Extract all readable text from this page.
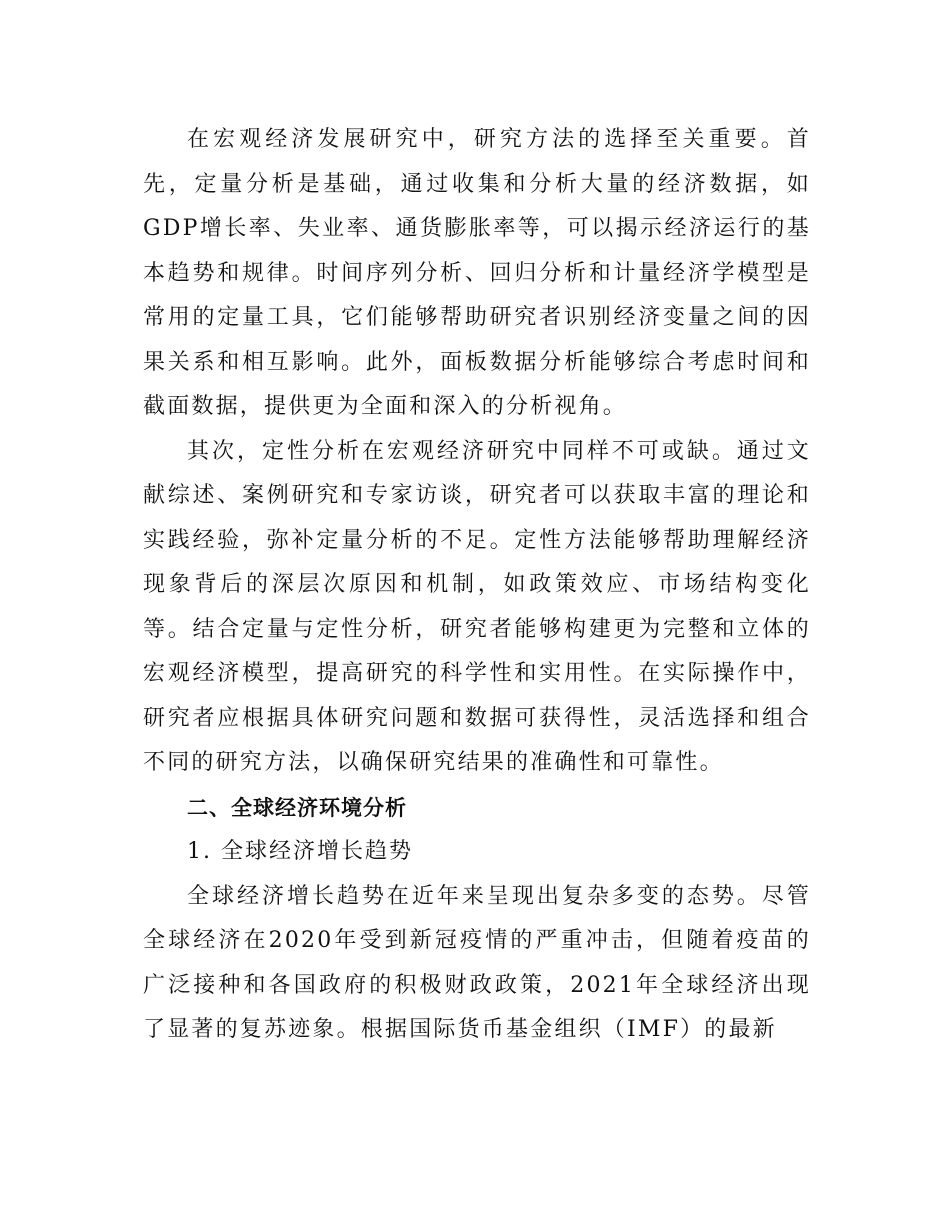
在宏观经济发展研究中，研究方法的选择至关重要。首先，定量分析是基础，通过收集和分析大量的经济数据，如GDP增长率、失业率、通货膨胀率等，可以揭示经济运行的基本趋势和规律。时间序列分析、回归分析和计量经济学模型是常用的定量工具，它们能够帮助研究者识别经济变量之间的因果关系和相互影响。此外，面板数据分析能够综合考虑时间和截面数据，提供更为全面和深入的分析视角。

其次，定性分析在宏观经济研究中同样不可或缺。通过文献综述、案例研究和专家访谈，研究者可以获取丰富的理论和实践经验，弥补定量分析的不足。定性方法能够帮助理解经济现象背后的深层次原因和机制，如政策效应、市场结构变化等。结合定量与定性分析，研究者能够构建更为完整和立体的宏观经济模型，提高研究的科学性和实用性。在实际操作中，研究者应根据具体研究问题和数据可获得性，灵活选择和组合不同的研究方法，以确保研究结果的准确性和可靠性。

二、全球经济环境分析

1. 全球经济增长趋势

全球经济增长趋势在近年来呈现出复杂多变的态势。尽管全球经济在2020年受到新冠疫情的严重冲击，但随着疫苗的广泛接种和各国政府的积极财政政策，2021年全球经济出现了显著的复苏迹象。根据国际货币基金组织（IMF）的最新
